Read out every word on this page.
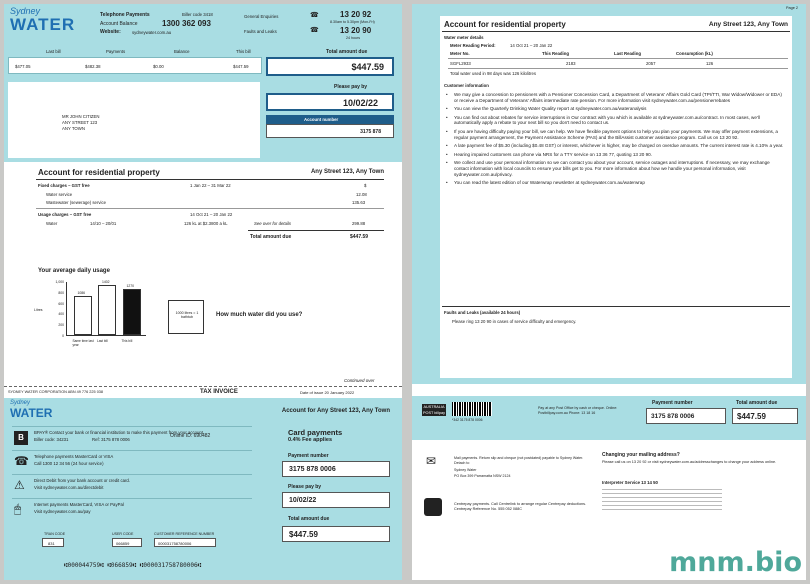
Sydney
WATER	Telephone Payments	Biller code 3418
Account Balance	1300 362 093
Website:	sydneywater.com.au
General Enquiries	☎	13 20 92
8.30am to 5.30pm (Mon-Fri)
Faults and Leaks	☎	13 20 90
24 hours
Last bill	Payments	Balance	This bill	Total amount due
$477.05	$482.38	$0.00	$447.59	$447.59
MR JOHN CITIZEN
ANY STREET 123
ANY TOWN
Please pay by
10/02/22
Account number
3175 878
Account for residential property	Any Street 123, Any Town
Fixed charges – GST free	1 Jan 22 – 31 Mar 22	$
Water service	12.08
Wastewater (sewerage) service	135.63
Usage charges – GST free	14 Oct 21 – 20 Jan 22
Water	14/10 – 20/01	126 kL at $2.3800 a kL	See over for details	299.88
Total amount due	$447.59
Your average daily usage
Litres
1,000
800
600
400
200
0
1086
1402
1270
Same time last year
Last bill	This bill
1000 litres = 1 bathtub	How much water did you use?
Continued over
SYDNEY WATER CORPORATION ABN 49 776 225 038	TAX INVOICE	Date of issue 20 January 2022
Sydney
WATER	Account for Any Street 123, Any Town
B
BPAY® Contact your bank or financial institution to make this payment from your account.
Biller code: 34231	Ref: 3175 878 0006
Online ID: 690482
☎ Telephone payments MasterCard or VISA
Call 1300 12 34 56 (24 hour service)
⚠	Direct Debit from your bank account or credit card.
Visit sydneywater.com.au/directdebit
🖱	Internet payments MasterCard, VISA or PayPal
Visit sydneywater.com.au/pay
Card payments
0.4% Fee applies
Payment number
3175 878 0006
Please pay by
10/02/22
Total amount due
$447.59
TRAN CODE
831
USER CODE
066859
CUSTOMER REFERENCE NUMBER
000031758780006
⑆000044759⑆ ⑆066859⑆ ⑆000031758780006⑆
Page 2
Account for residential property	Any Street 123, Any Town
Water meter details
Meter Reading Period:	14 Oct 21 – 20 Jan 22
Meter No.	This Reading	Last Reading	Consumption (kL)
SGFL2933	2183	2057	126
Total water used in 98 days was 126 kilolitres
Customer information
• We may give a concession to pensioners with a Pensioner Concession Card, a Department of Veterans' Affairs Gold Card (TPI/TTI, War Widow/Widower or EDA) or receive a Department of Veterans' Affairs intermediate rate pension. For more information visit sydneywater.com.au/pensionerrebates
• You can view the Quarterly Drinking Water Quality report at sydneywater.com.au/wateranalysis
• You can find out about rebates for service interruptions in Our contract with you which is available at sydneywater.com.au/contract. In most cases, we'll automatically apply a rebate to your next bill so you don't need to contact us.
• If you are having difficulty paying your bill, we can help. We have flexible payment options to help you plan your payments. We may offer payment extensions, a regular payment arrangement, the Payment Assistance Scheme (PAS) and the BillAssist customer assistance program. Call us on 13 20 92.
• A late payment fee of $5.30 (including $0.48 GST) or interest, whichever is higher, may be charged on overdue amounts. The current interest rate is 4.10% a year.
• Hearing impaired customers can phone via NRS for a TTY service on 13 36 77, quoting 13 20 90.
• We collect and use your personal information so we can contact you about your account, service outages and interruptions. If necessary, we may exchange contact information with local councils to ensure your bills get to you. For more information about how we handle your personal information, visit sydneywater.com.au/privacy.
• You can read the latest edition of our Waterwrap newsletter at sydneywater.com.au/waterwrap
Faults and Leaks (available 24 hours)
Please ring 13 20 90 in cases of service difficulty and emergency.
AUSTRALIA POST billpay
*342 3175 878 0006
Pay at any Post Office by cash or cheque. Online: Postbillpay.com.au Phone: 13 18 16
Payment number
3175 878 0006
Total amount due
$447.59
✉	Mail payments. Return slip and cheque (not postdated) payable to Sydney Water. Detach to
Sydney Water
PO Box 399 Parramatta NSW 2124
Changing your mailing address?
Please call us on 13 20 92 or visit sydneywater.com.au/addresschanges to change your address online.
Interpreter Service 13 14 50
Centrepay payments. Call Centrelink to arrange regular Centrepay deductions. Centrepay Reference No. 555 052 088C
mnm.bio
